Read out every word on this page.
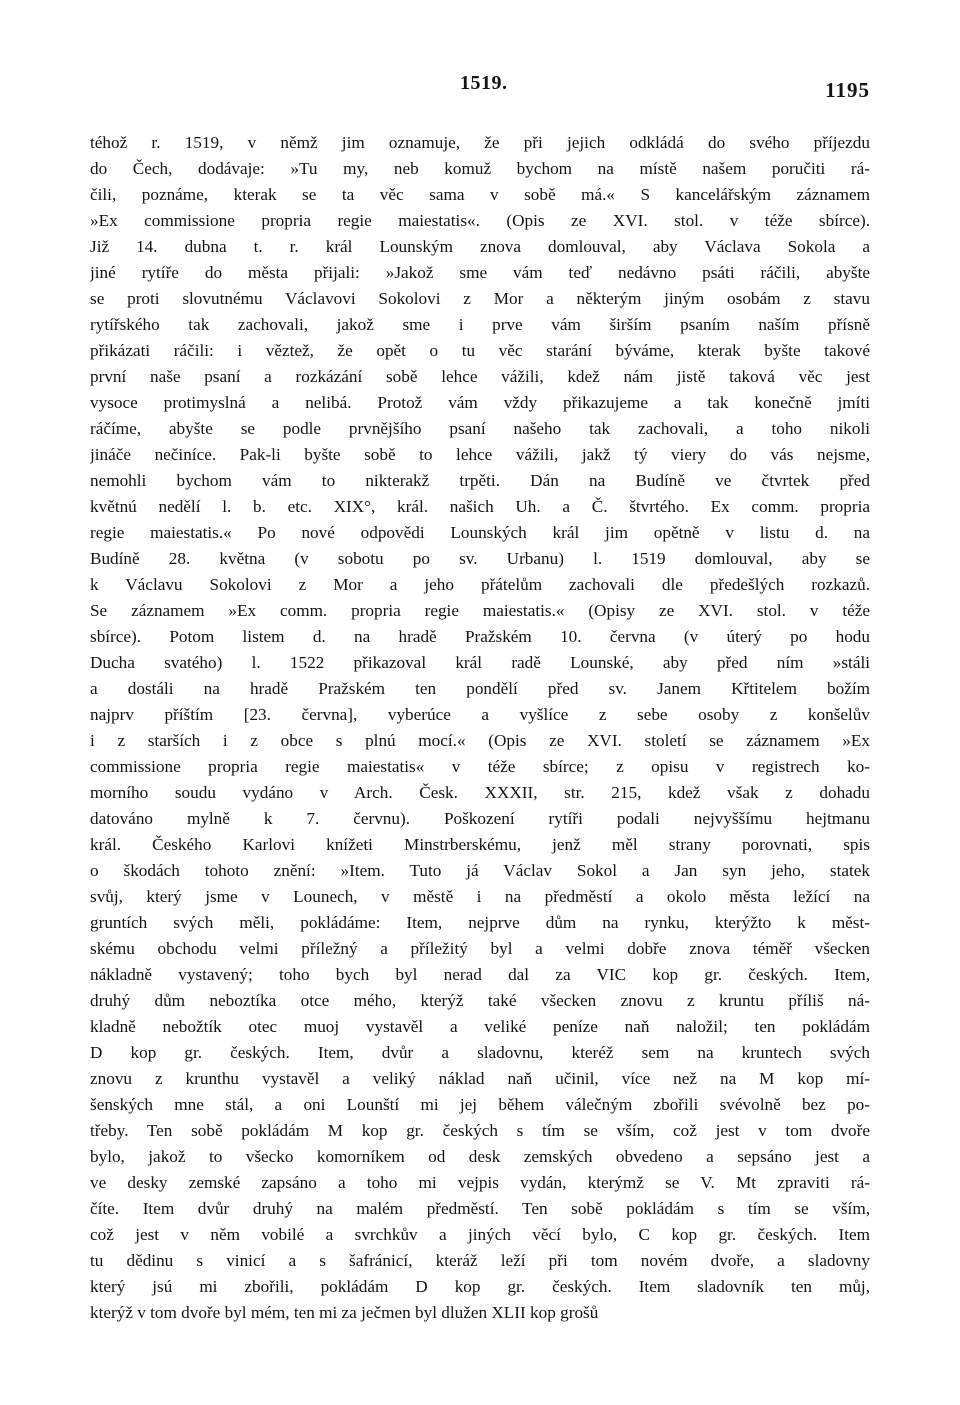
1519.	1195
téhož r. 1519, v němž jim oznamuje, že při jejich odkládá do svého příjezdu
do Čech, dodávaje: »Tu my, neb komuž bychom na místě našem poručiti rá-
čili, poznáme, kterak se ta věc sama v sobě má.« S kancelářským záznamem
»Ex commissione propria regie maiestatis«. (Opis ze XVI. stol. v téže sbírce).
Již 14. dubna t. r. král Lounským znova domlouval, aby Václava Sokola a
jiné rytíře do města přijali: »Jakož sme vám teď nedávno psáti ráčili, abyšte
se proti slovutnému Václavovi Sokolovi z Mor a některým jiným osobám z stavu
rytířského tak zachovali, jakož sme i prve vám širším psaním naším přísně
přikázati ráčili: i věztež, že opět o tu věc starání býváme, kterak byšte takové
první naše psaní a rozkázání sobě lehce vážili, kdež nám jistě taková věc jest
vysoce protimyslná a nelibá. Protož vám vždy přikazujeme a tak konečně jmíti
ráčíme, abyšte se podle prvnějšího psaní našeho tak zachovali, a toho nikoli
jináče nečiníce. Pak-li byšte sobě to lehce vážili, jakž tý viery do vás nejsme,
nemohli bychom vám to nikterakž trpěti. Dán na Budíně ve čtvrtek před
květnú nedělí l. b. etc. XIX°, král. našich Uh. a Č. štvrtého. Ex comm. propria
regie maiestatis.« Po nové odpovědi Lounských král jim opětně v listu d. na
Budíně 28. května (v sobotu po sv. Urbanu) l. 1519 domlouval, aby se
k Václavu Sokolovi z Mor a jeho přátelům zachovali dle předešlých rozkazů.
Se záznamem »Ex comm. propria regie maiestatis.« (Opisy ze XVI. stol. v téže
sbírce). Potom listem d. na hradě Pražském 10. června (v úterý po hodu
Ducha svatého) l. 1522 přikazoval král radě Lounské, aby před ním »stáli
a dostáli na hradě Pražském ten pondělí před sv. Janem Křtitelem božím
najprv příštím [23. června], vyberúce a vyšlíce z sebe osoby z konšelův
i z starších i z obce s plnú mocí.« (Opis ze XVI. století se záznamem »Ex
commissione propria regie maiestatis« v téže sbírce; z opisu v registrech ko-
morního soudu vydáno v Arch. Česk. XXXII, str. 215, kdež však z dohadu
datováno mylně k 7. červnu). Poškození rytíři podali nejvyššímu hejtmanu
král. Českého Karlovi knížeti Minstrberskému, jenž měl strany porovnati, spis
o škodách tohoto znění: »Item. Tuto já Václav Sokol a Jan syn jeho, statek
svůj, který jsme v Lounech, v městě i na předměstí a okolo města ležící na
gruntích svých měli, pokládáme: Item, nejprve dům na rynku, kterýžto k měst-
skému obchodu velmi příležný a příležitý byl a velmi dobře znova téměř všecken
nákladně vystavený; toho bych byl nerad dal za VIC kop gr. českých. Item,
druhý dům neboztíka otce mého, kterýž také všecken znovu z kruntu příliš ná-
kladně nebožtík otec muoj vystavěl a veliké peníze naň naložil; ten pokládám
D kop gr. českých. Item, dvůr a sladovnu, kteréž sem na kruntech svých
znovu z krunthu vystavěl a veliký náklad naň učinil, více než na M kop mí-
šenských mne stál, a oni Lounští mi jej během válečným zbořili svévolně bez po-
třeby. Ten sobě pokládám M kop gr. českých s tím se vším, což jest v tom dvoře
bylo, jakož to všecko komorníkem od desk zemských obvedeno a sepsáno jest a
ve desky zemské zapsáno a toho mi vejpis vydán, kterýmž se V. Mt zpraviti rá-
číte. Item dvůr druhý na malém předměstí. Ten sobě pokládám s tím se vším,
což jest v něm vobilé a svrchkův a jiných věcí bylo, C kop gr. českých. Item
tu dědinu s vinicí a s šafránicí, kteráž leží při tom novém dvoře, a sladovny
který jsú mi zbořili, pokládám D kop gr. českých. Item sladovník ten můj,
kterýž v tom dvoře byl mém, ten mi za ječmen byl dlužen XLII kop grošů
